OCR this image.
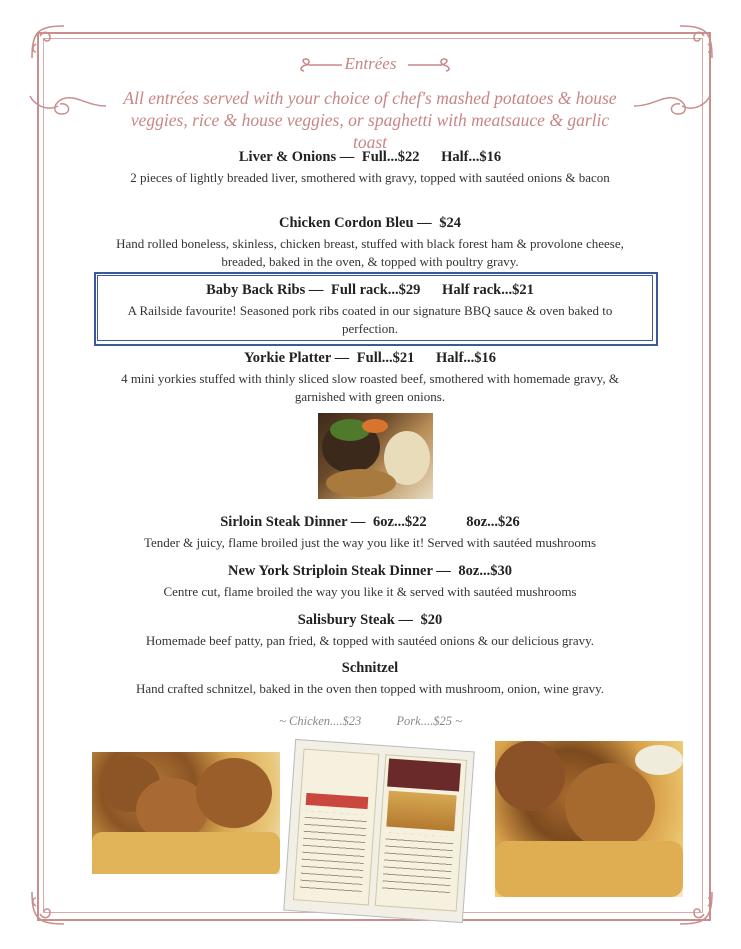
Entrées
All entrées served with your choice of chef's mashed potatoes & house veggies, rice & house veggies, or spaghetti with meatsauce & garlic toast
Liver & Onions — Full...$22 Half...$16
2 pieces of lightly breaded liver, smothered with gravy, topped with sautéed onions & bacon
Chicken Cordon Bleu — $24
Hand rolled boneless, skinless, chicken breast, stuffed with black forest ham & provolone cheese, breaded, baked in the oven, & topped with poultry gravy.
Baby Back Ribs — Full rack...$29 Half rack...$21
A Railside favourite! Seasoned pork ribs coated in our signature BBQ sauce & oven baked to perfection.
Yorkie Platter — Full...$21 Half...$16
4 mini yorkies stuffed with thinly sliced slow roasted beef, smothered with homemade gravy, & garnished with green onions.
Sirloin Steak Dinner — 6oz...$22	8oz...$26
Tender & juicy, flame broiled just the way you like it! Served with sautéed mushrooms
New York Striploin Steak Dinner — 8oz...$30
Centre cut, flame broiled the way you like it & served with sautéed mushrooms
Salisbury Steak — $20
Homemade beef patty, pan fried, & topped with sautéed onions & our delicious gravy.
Schnitzel
Hand crafted schnitzel, baked in the oven then topped with mushroom, onion, wine gravy.
~ Chicken....$23	Pork....$25 ~
